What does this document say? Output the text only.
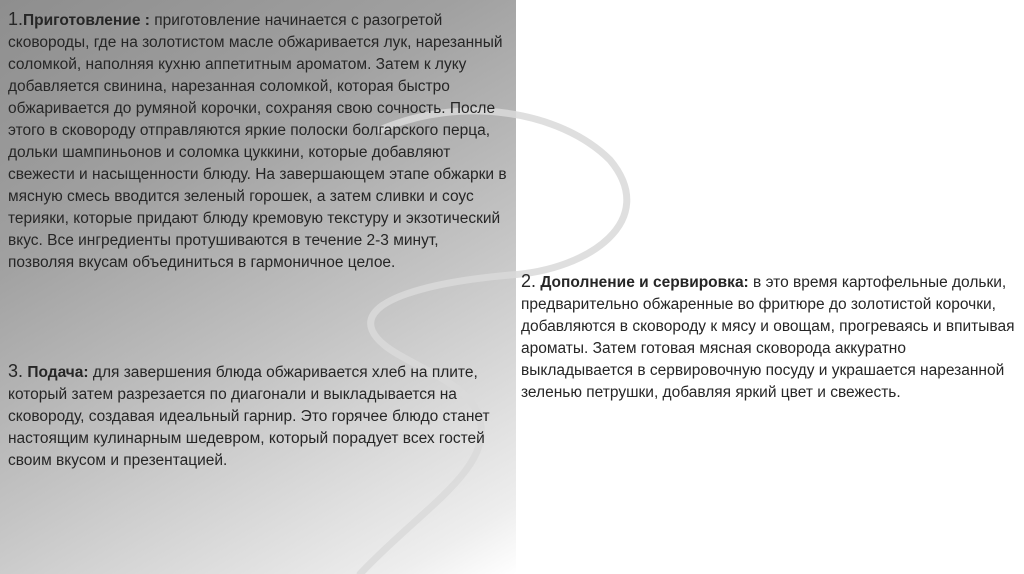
1.Приготовление : приготовление начинается с разогретой сковороды, где на золотистом масле обжаривается лук, нарезанный соломкой, наполняя кухню аппетитным ароматом. Затем к луку добавляется свинина, нарезанная соломкой, которая быстро обжаривается до румяной корочки, сохраняя свою сочность. После этого в сковороду отправляются яркие полоски болгарского перца, дольки шампиньонов и соломка цуккини, которые добавляют свежести и насыщенности блюду. На завершающем этапе обжарки в мясную смесь вводится зеленый горошек, а затем сливки и соус терияки, которые придают блюду кремовую текстуру и экзотический вкус. Все ингредиенты протушиваются в течение 2-3 минут, позволяя вкусам объединиться в гармоничное целое.

2. Дополнение и сервировка: в это время картофельные дольки, предварительно обжаренные во фритюре до золотистой корочки, добавляются в сковороду к мясу и овощам, прогреваясь и впитывая ароматы. Затем готовая мясная сковорода аккуратно выкладывается в сервировочную посуду и украшается нарезанной зеленью петрушки, добавляя яркий цвет и свежесть.

3. Подача: для завершения блюда обжаривается хлеб на плите, который затем разрезается по диагонали и выкладывается на сковороду, создавая идеальный гарнир. Это горячее блюдо станет настоящим кулинарным шедевром, который порадует всех гостей своим вкусом и презентацией.
